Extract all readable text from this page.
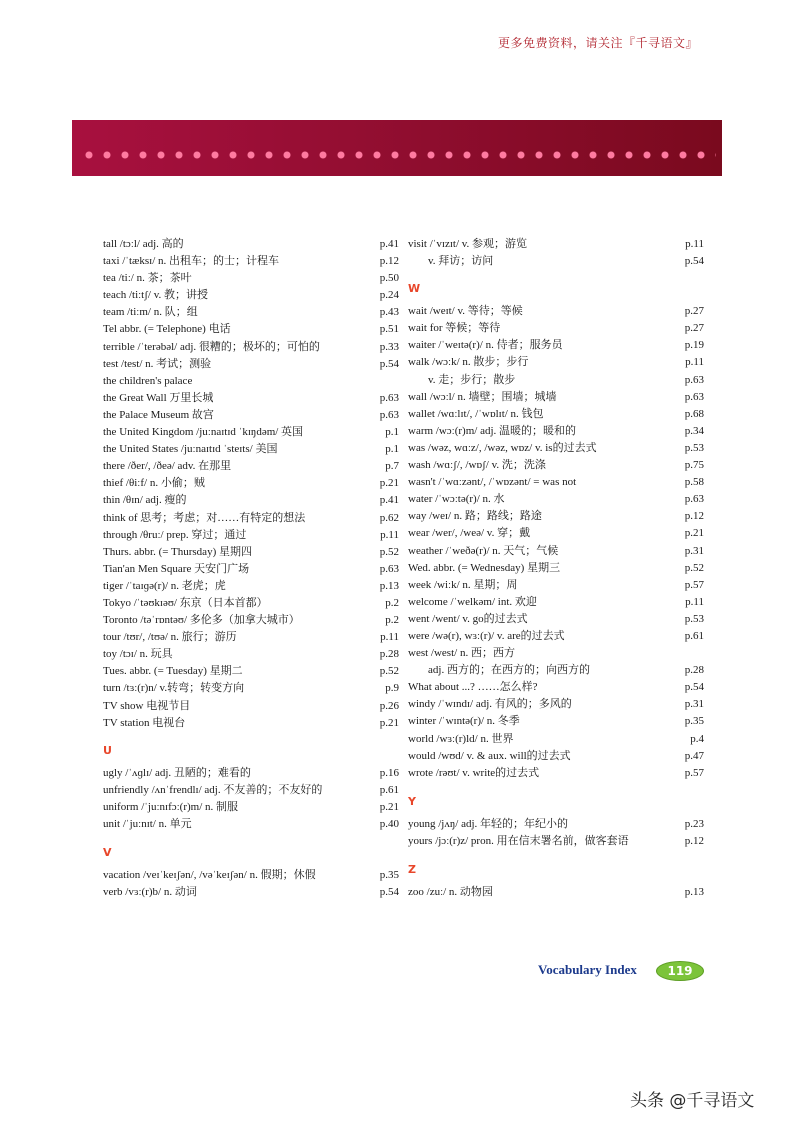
更多免费资料，请关注『千寻语文』
tall /tɔːl/ adj. 高的	p.41
taxi /ˈtæksɪ/ n. 出租车；的士；计程车	p.12
tea /tiː/ n. 茶；茶叶	p.50
teach /tiːtʃ/ v. 教；讲授	p.24
team /tiːm/ n. 队；组	p.43
Tel abbr. (= Telephone) 电话	p.51
terrible /ˈterəbəl/ adj. 很糟的；极坏的；可怕的	p.33
test /test/ n. 考试；测验	p.54
the children's palace
the Great Wall 万里长城	p.63
the Palace Museum 故宫	p.63
the United Kingdom /juːnaɪtɪd ˈkɪŋdəm/ 英国	p.1
the United States /juːnaɪtɪd ˈsteɪts/ 美国	p.1
there /ðer/, /ðeə/ adv. 在那里	p.7
thief /θiːf/ n. 小偷；贼	p.21
thin /θɪn/ adj. 瘦的	p.41
think of 思考；考虑；对……有特定的想法	p.62
through /θruː/ prep. 穿过；通过	p.11
Thurs. abbr. (= Thursday) 星期四	p.52
Tian'an Men Square 天安门广场	p.63
tiger /ˈtaɪɡə(r)/ n. 老虎；虎	p.13
Tokyo /ˈtəʊkɪəʊ/ 东京（日本首都）	p.2
Toronto /təˈrɒntəʊ/ 多伦多（加拿大城市）	p.2
tour /tʊr/, /tʊə/ n. 旅行；游历	p.11
toy /tɔɪ/ n. 玩具	p.28
Tues. abbr. (= Tuesday) 星期二	p.52
turn /tɜː(r)n/ v.转弯；转变方向	p.9
TV show 电视节目	p.26
TV station 电视台	p.21
U
ugly /ˈʌɡlɪ/ adj. 丑陋的；难看的	p.16
unfriendly /ʌnˈfrendlɪ/ adj. 不友善的；不友好的	p.61
uniform /ˈjuːnɪfɔː(r)m/ n. 制服	p.21
unit /ˈjuːnɪt/ n. 单元	p.40
V
vacation /veɪˈkeɪʃən/, /vəˈkeɪʃən/ n. 假期；休假	p.35
verb /vɜː(r)b/ n. 动词	p.54
visit /ˈvɪzɪt/ v. 参观；游览	p.11
v. 拜访；访问	p.54
W
wait /weɪt/ v. 等待；等候	p.27
wait for 等候；等待	p.27
waiter /ˈweɪtə(r)/ n. 侍者；服务员	p.19
walk /wɔːk/ n. 散步；步行	p.11
v. 走；步行；散步	p.63
wall /wɔːl/ n. 墙壁；围墙；城墙	p.63
wallet /wɑːlɪt/, /ˈwɒlɪt/ n. 钱包	p.68
warm /wɔː(r)m/ adj. 温暖的；暖和的	p.34
was /wəz, wɑːz/, /wəz, wɒz/ v. is的过去式	p.53
wash /wɑːʃ/, /wɒʃ/ v. 洗；洗涤	p.75
wasn't /ˈwɑːzənt/, /ˈwɒzənt/ = was not	p.58
water /ˈwɔːtə(r)/ n. 水	p.63
way /weɪ/ n. 路；路线；路途	p.12
wear /wer/, /weə/ v. 穿；戴	p.21
weather /ˈweðə(r)/ n. 天气；气候	p.31
Wed. abbr. (= Wednesday) 星期三	p.52
week /wiːk/ n. 星期；周	p.57
welcome /ˈwelkəm/ int. 欢迎	p.11
went /went/ v. go的过去式	p.53
were /wə(r), wɜː(r)/ v. are的过去式	p.61
west /west/ n. 西；西方
adj. 西方的；在西方的；向西方的	p.28
What about ...? ……怎么样?	p.54
windy /ˈwɪndɪ/ adj. 有风的；多风的	p.31
winter /ˈwɪntə(r)/ n. 冬季	p.35
world /wɜː(r)ld/ n. 世界	p.4
would /wʊd/ v. & aux. will的过去式	p.47
wrote /rəʊt/ v. write的过去式	p.57
Y
young /jʌŋ/ adj. 年轻的；年纪小的	p.23
yours /jɔː(r)z/ pron. 用在信末署名前，做客套语	p.12
Z
zoo /zuː/ n. 动物园	p.13
Vocabulary Index	119
头条 @千寻语文
